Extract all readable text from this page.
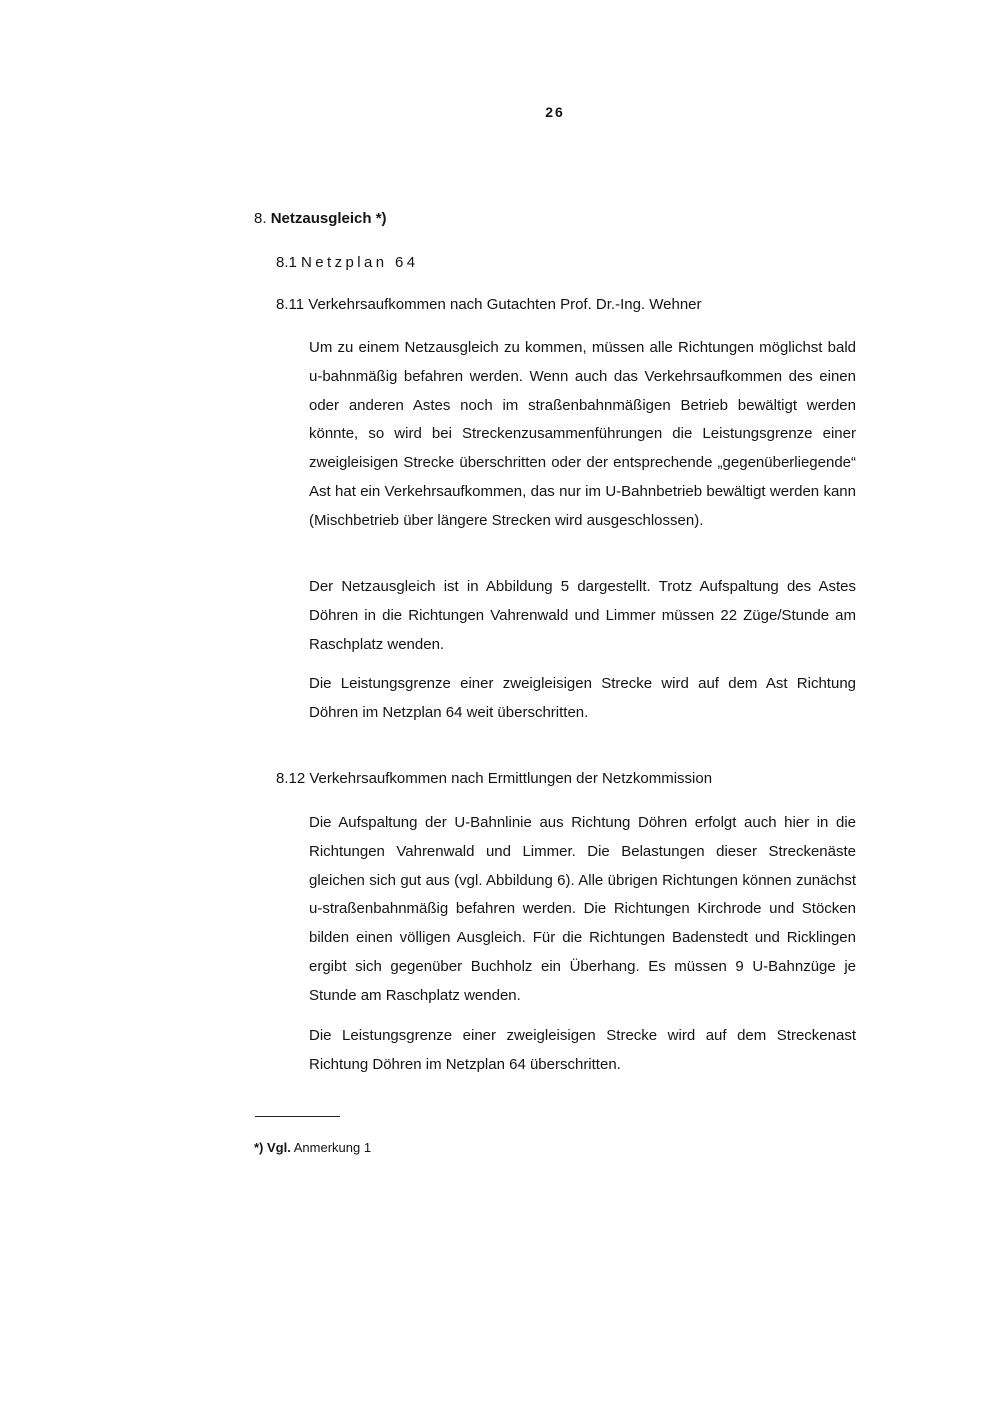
26
8. Netzausgleich *)
8.1 Netzplan 64
8.11 Verkehrsaufkommen nach Gutachten Prof. Dr.-Ing. Wehner

Um zu einem Netzausgleich zu kommen, müssen alle Richtungen möglichst bald u-bahnmäßig befahren werden. Wenn auch das Verkehrsaufkommen des einen oder anderen Astes noch im straßenbahnmäßigen Betrieb bewältigt werden könnte, so wird bei Streckenzusammenführungen die Leistungsgrenze einer zweigleisigen Strecke überschritten oder der entsprechende „gegenüberliegende“ Ast hat ein Verkehrsaufkommen, das nur im U-Bahnbetrieb bewältigt werden kann (Mischbetrieb über längere Strecken wird ausgeschlossen).

Der Netzausgleich ist in Abbildung 5 dargestellt. Trotz Aufspaltung des Astes Döhren in die Richtungen Vahrenwald und Limmer müssen 22 Züge/Stunde am Raschplatz wenden.

Die Leistungsgrenze einer zweigleisigen Strecke wird auf dem Ast Richtung Döhren im Netzplan 64 weit überschritten.

8.12 Verkehrsaufkommen nach Ermittlungen der Netzkommission

Die Aufspaltung der U-Bahnlinie aus Richtung Döhren erfolgt auch hier in die Richtungen Vahrenwald und Limmer. Die Belastungen dieser Streckenäste gleichen sich gut aus (vgl. Abbildung 6). Alle übrigen Richtungen können zunächst u-straßenbahnmäßig befahren werden. Die Richtungen Kirchrode und Stöcken bilden einen völligen Ausgleich. Für die Richtungen Badenstedt und Ricklingen ergibt sich gegenüber Buchholz ein Überhang. Es müssen 9 U-Bahnzüge je Stunde am Raschplatz wenden.

Die Leistungsgrenze einer zweigleisigen Strecke wird auf dem Streckenast Richtung Döhren im Netzplan 64 überschritten.

*) Vgl. Anmerkung 1
